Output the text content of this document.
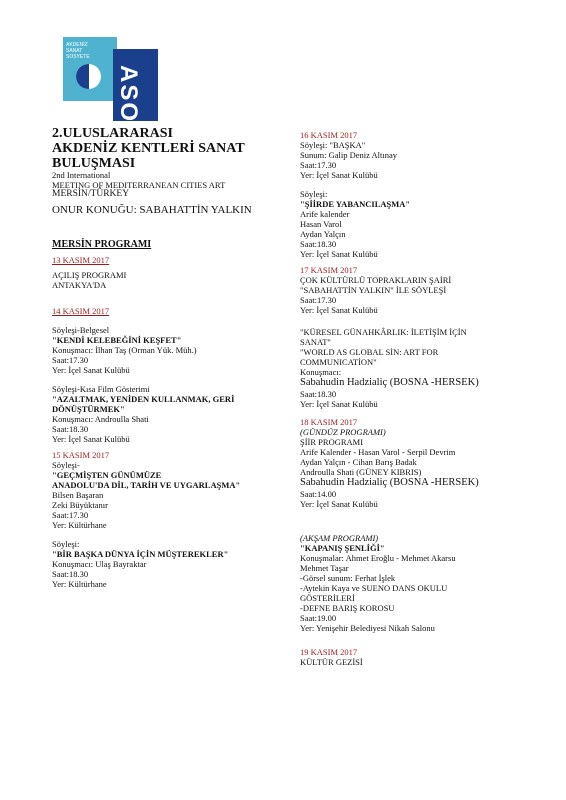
AKDENİZ
SANAT
SOSYETE
ASO
2.ULUSLARARASI
AKDENİZ KENTLERİ SANAT
BULUŞMASI
2nd International
MEETING OF MEDITERRANEAN CITIES ART
MERSİN/TÜRKEY
ONUR KONUĞU: SABAHATTİN YALKIN
MERSİN PROGRAMI
13 KASIM 2017
AÇILIŞ PROGRAMI
ANTAKYA'DA
14 KASIM 2017
Söyleşi-Belgesel
"KENDİ KELEBEĞİNİ KEŞFET"
Konuşmacı: İlhan Taş (Orman Yük. Müh.)
Saat:17.30
Yer: İçel Sanat Kulübü
Söyleşi-Kısa Film Gösterimi
"AZALTMAK, YENİDEN KULLANMAK, GERİ
DÖNÜŞTÜRMEK"
Konuşmacı: Androulla Shati
Saat:18.30
Yer: İçel Sanat Kulübü
15 KASIM 2017
Söyleşi-
"GEÇMİŞTEN GÜNÜMÜZE
ANADOLU'DA DİL, TARİH VE UYGARLAŞMA"
Bilsen Başaran
Zeki Büyüktanır
Saat:17.30
Yer: Kültürhane
Söyleşi:
"BİR BAŞKA DÜNYA İÇİN MÜŞTEREKLER"
Konuşmacı: Ulaş Bayraktar
Saat:18.30
Yer: Kültürhane
16 KASIM 2017
Söyleşi: "BAŞKA"
Sunum: Galip Deniz Altınay
Saat:17.30
Yer: İçel Sanat Kulübü
Söyleşi:
"ŞİİRDE YABANCILAŞMA"
Arife kalender
Hasan Varol
Aydan Yalçın
Saat:18.30
Yer: İçel Sanat Kulübü
17 KASIM 2017
ÇOK KÜLTÜRLÜ TOPRAKLARIN ŞAİRİ
"SABAHATTİN YALKIN" İLE SÖYLEŞİ
Saat:17.30
Yer: İçel Sanat Kulübü
"KÜRESEL GÜNAHKÂRLIK: İLETİŞİM İÇİN
SANAT"
"WORLD AS GLOBAL SİN: ART FOR
COMMUNICATİON"
Konuşmacı:
Sabahudin Hadzialiç (BOSNA -HERSEK)
Saat:18.30
Yer: İçel Sanat Kulübü
18 KASIM 2017
(GÜNDÜZ PROGRAMI)
ŞİİR PROGRAMI
Arife Kalender - Hasan Varol - Serpil Devrim
Aydan Yalçın - Cihan Barış Badak
Androulla Shati (GÜNEY KIBRIS)
Sabahudin Hadzialiç (BOSNA -HERSEK)
Saat:14.00
Yer: İçel Sanat Kulübü
(AKŞAM PROGRAMI)
"KAPANIŞ ŞENLİĞİ"
Konuşmalar: Ahmet Eroğlu - Mehmet Akarsu
Mehmet Taşar
-Görsel sunum: Ferhat İşlek
-Aytekin Kaya ve SUENO DANS OKULU
GÖSTERİLERİ
-DEFNE BARIŞ KOROSU
Saat:19.00
Yer: Yenişehir Belediyesi Nikah Salonu
19 KASIM 2017
KÜLTÜR GEZİSİ
